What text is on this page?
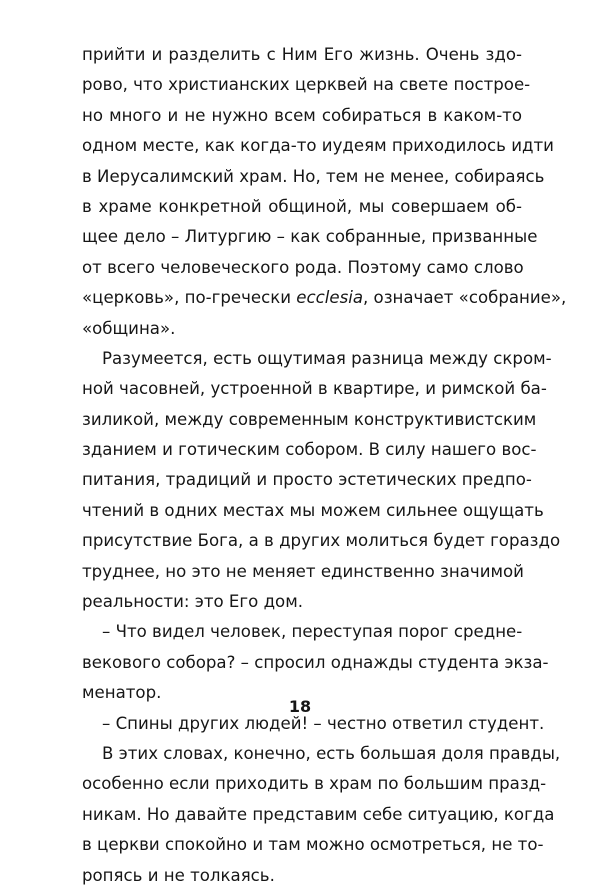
прийти и разделить с Ним Его жизнь. Очень здо-
рово, что христианских церквей на свете построе-
но много и не нужно всем собираться в каком-то
одном месте, как когда-то иудеям приходилось идти
в Иерусалимский храм. Но, тем не менее, собираясь
в храме конкретной общиной, мы совершаем об-
щее дело – Литургию – как собранные, призванные
от всего человеческого рода. Поэтому само слово
«церковь», по-гречески ecclesia, означает «собрание»,
«община».
Разумеется, есть ощутимая разница между скром-
ной часовней, устроенной в квартире, и римской ба-
зиликой, между современным конструктивистским
зданием и готическим собором. В силу нашего вос-
питания, традиций и просто эстетических предпо-
чтений в одних местах мы можем сильнее ощущать
присутствие Бога, а в других молиться будет гораздо
труднее, но это не меняет единственно значимой
реальности: это Его дом.
– Что видел человек, переступая порог средне-
векового собора? – спросил однажды студента экза-
менатор.
– Спины других людей! – честно ответил студент.
В этих словах, конечно, есть большая доля правды,
особенно если приходить в храм по большим празд-
никам. Но давайте представим себе ситуацию, когда
в церкви спокойно и там можно осмотреться, не то-
ропясь и не толкаясь.
18
